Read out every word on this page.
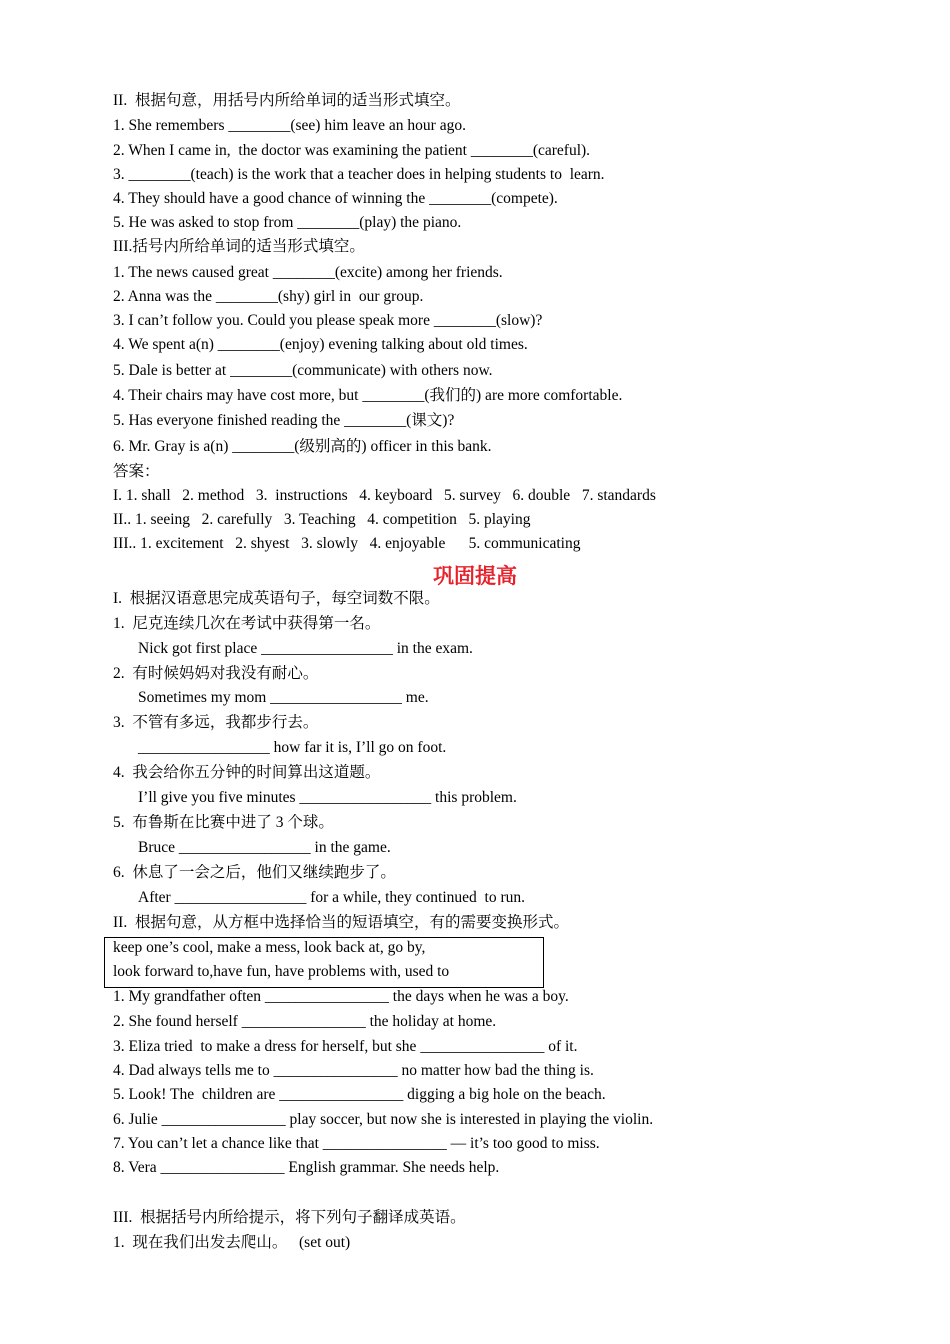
巩固提高
II.  根据句意，用括号内所给单词的适当形式填空。
1. She remembers ________(see) him leave an hour ago.
2. When I came in,  the doctor was examining the patient ________(careful).
3. ________(teach) is the work that a teacher does in helping students to  learn.
4. They should have a good chance of winning the ________(compete).
5. He was asked to stop from ________(play) the piano.
III.括号内所给单词的适当形式填空。
1. The news caused great ________(excite) among her friends.
2. Anna was the ________(shy) girl in  our group.
3. I can’t follow you. Could you please speak more ________(slow)?
4. We spent a(n) ________(enjoy) evening talking about old times.
5. Dale is better at ________(communicate) with others now.
4. Their chairs may have cost more, but ________(我们的) are more comfortable.
5. Has everyone finished reading the ________(课文)?
6. Mr. Gray is a(n) ________(级别高的) officer in this bank.
答案：
I. 1. shall   2. method   3.  instructions   4. keyboard   5. survey   6. double   7. standards
II.. 1. seeing   2. carefully   3. Teaching   4. competition   5. playing
III.. 1. excitement   2. shyest   3. slowly   4. enjoyable      5. communicating
I.  根据汉语意思完成英语句子，每空词数不限。
1.  尼克连续几次在考试中获得第一名。
Nick got first place _________________ in the exam.
2.  有时候妈妈对我没有耐心。
Sometimes my mom _________________ me.
3.  不管有多远，我都步行去。
_________________ how far it is, I’ll go on foot.
4.  我会给你五分钟的时间算出这道题。
I’ll give you five minutes _________________ this problem.
5.  布鲁斯在比赛中进了 3 个球。
Bruce _________________ in the game.
6.  休息了一会之后，他们又继续跑步了。
After _________________ for a while, they continued  to run.
II.  根据句意，从方框中选择恰当的短语填空，有的需要变换形式。
keep one’s cool, make a mess, look back at, go by,
look forward to,have fun, have problems with, used to
1. My grandfather often ________________ the days when he was a boy.
2. She found herself ________________ the holiday at home.
3. Eliza tried  to make a dress for herself, but she ________________ of it.
4. Dad always tells me to ________________ no matter how bad the thing is.
5. Look! The  children are ________________ digging a big hole on the beach.
6. Julie ________________ play soccer, but now she is interested in playing the violin.
7. You can’t let a chance like that ________________ — it’s too good to miss.
8. Vera ________________ English grammar. She needs help.
III.  根据括号内所给提示，将下列句子翻译成英语。
1.  现在我们出发去爬山。   (set out)
